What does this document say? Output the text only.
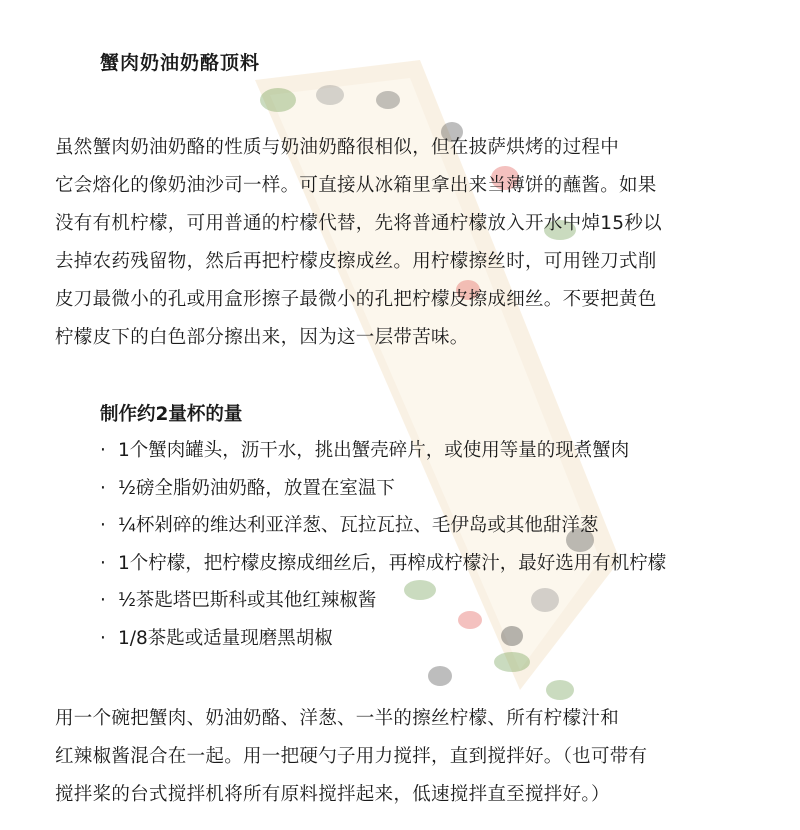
蟹肉奶油奶酪顶料
虽然蟹肉奶油奶酪的性质与奶油奶酪很相似，但在披萨烘烤的过程中
它会熔化的像奶油沙司一样。可直接从冰箱里拿出来当薄饼的蘸酱。如果
没有有机柠檬，可用普通的柠檬代替，先将普通柠檬放入开水中焯15秒以
去掉农药残留物，然后再把柠檬皮擦成丝。用柠檬擦丝时，可用锉刀式削
皮刀最微小的孔或用盒形擦子最微小的孔把柠檬皮擦成细丝。不要把黄色
柠檬皮下的白色部分擦出来，因为这一层带苦味。
制作约2量杯的量
· 1个蟹肉罐头，沥干水，挑出蟹壳碎片，或使用等量的现煮蟹肉
· ½磅全脂奶油奶酪，放置在室温下
· ¼杯剁碎的维达利亚洋葱、瓦拉瓦拉、毛伊岛或其他甜洋葱
· 1个柠檬，把柠檬皮擦成细丝后，再榨成柠檬汁，最好选用有机柠檬
· ½茶匙塔巴斯科或其他红辣椒酱
· 1/8茶匙或适量现磨黑胡椒
用一个碗把蟹肉、奶油奶酪、洋葱、一半的擦丝柠檬、所有柠檬汁和
红辣椒酱混合在一起。用一把硬勺子用力搅拌，直到搅拌好。（也可带有
搅拌桨的台式搅拌机将所有原料搅拌起来，低速搅拌直至搅拌好。）
